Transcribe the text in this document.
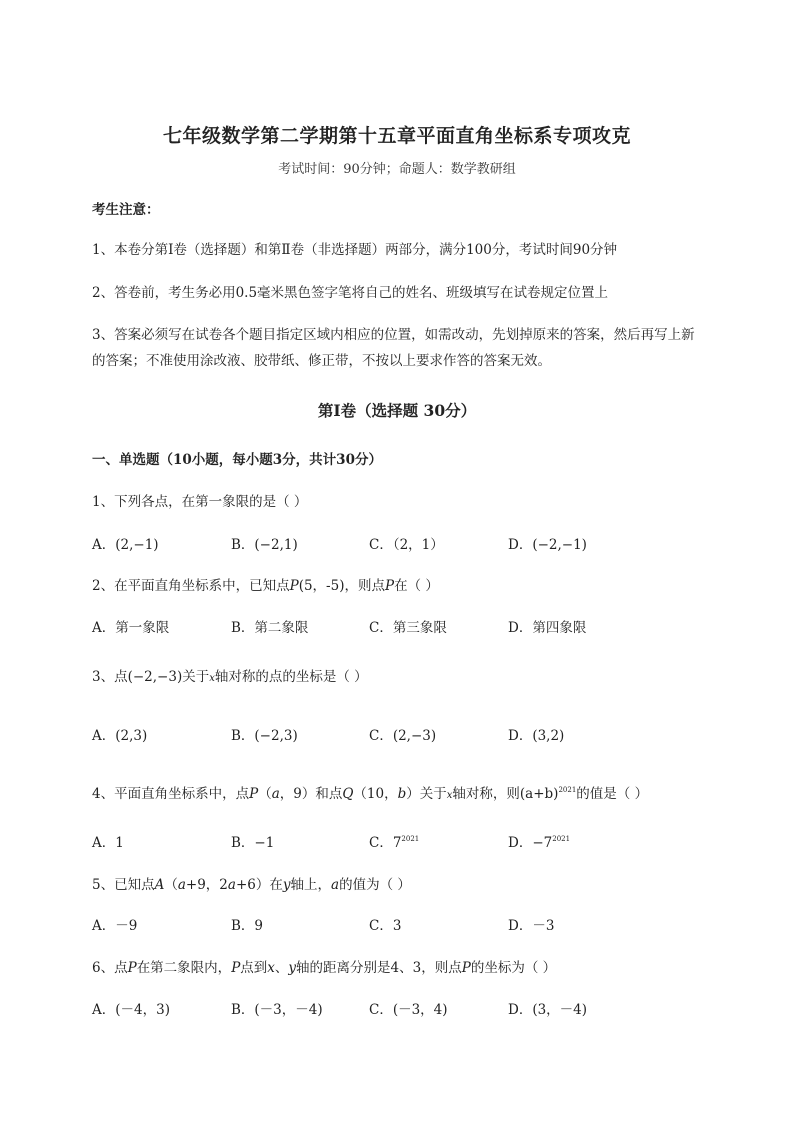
七年级数学第二学期第十五章平面直角坐标系专项攻克
考试时间：90分钟；命题人：数学教研组
考生注意：
1、本卷分第I卷（选择题）和第Ⅱ卷（非选择题）两部分，满分100分，考试时间90分钟
2、答卷前，考生务必用0.5毫米黑色签字笔将自己的姓名、班级填写在试卷规定位置上
3、答案必须写在试卷各个题目指定区域内相应的位置，如需改动，先划掉原来的答案，然后再写上新
的答案；不准使用涂改液、胶带纸、修正带，不按以上要求作答的答案无效。
第I卷（选择题 30分）
一、单选题（10小题，每小题3分，共计30分）
1、下列各点，在第一象限的是（ ）
A．(2,−1)	B．(−2,1)	C．（2，1）	D．(−2,−1)
2、在平面直角坐标系中，已知点P(5，-5)，则点P在（ ）
A．第一象限	B．第二象限	C．第三象限	D．第四象限
3、点(−2,−3)关于x轴对称的点的坐标是（ ）
A．(2,3)	B．(−2,3)	C．(2,−3)	D．(3,2)
4、平面直角坐标系中，点P（a，9）和点Q（10，b）关于x轴对称，则$(a+b)^{2021}$的值是（ ）
A．1	B．−1	C．$7^{2021}$	D．$-7^{2021}$
5、已知点A（a+9，2a+6）在y轴上，a的值为（ ）
A．－9	B．9	C．3	D．－3
6、点P在第二象限内，P点到x、y轴的距离分别是4、3，则点P的坐标为（ ）
A．(－4，3)	B．(－3，－4)	C．(－3，4)	D．(3，－4)
